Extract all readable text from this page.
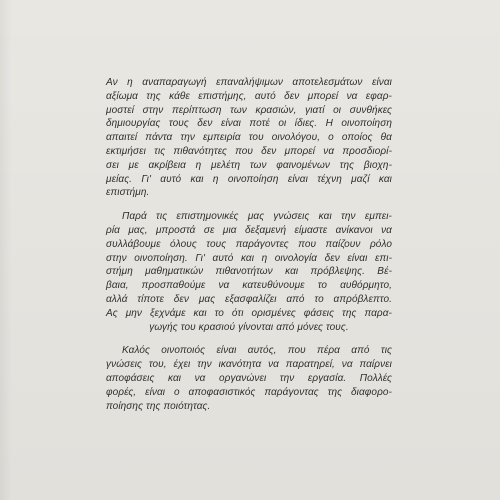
Αν η αναπαραγωγή επαναλήψιμων αποτελεσμάτων είναι
αξίωμα της κάθε επιστήμης, αυτό δεν μπορεί να εφαρ-
μοστεί στην περίπτωση των κρασιών, γιατί οι συνθήκες
δημιουργίας τους δεν είναι ποτέ οι ίδιες. Η οινοποίηση
απαιτεί πάντα την εμπειρία του οινολόγου, ο οποίος θα
εκτιμήσει τις πιθανότητες που δεν μπορεί να προσδιορί-
σει με ακρίβεια η μελέτη των φαινομένων της βιοχη-
μείας. Γι' αυτό και η οινοποίηση είναι τέχνη μαζί και
επιστήμη.
Παρά τις επιστημονικές μας γνώσεις και την εμπει-
ρία μας, μπροστά σε μια δεξαμενή είμαστε ανίκανοι να
συλλάβουμε όλους τους παράγοντες που παίζουν ρόλο
στην οινοποίηση. Γι' αυτό και η οινολογία δεν είναι επι-
στήμη μαθηματικών πιθανοτήτων και πρόβλεψης. Βέ-
βαια, προσπαθούμε να κατευθύνουμε το αυθόρμητο,
αλλά τίποτε δεν μας εξασφαλίζει από το απρόβλεπτο.
Ας μην ξεχνάμε και το ότι ορισμένες φάσεις της παρα-
γωγής του κρασιού γίνονται από μόνες τους.
Καλός οινοποιός είναι αυτός, που πέρα από τις
γνώσεις του, έχει την ικανότητα να παρατηρεί, να παίρνει
αποφάσεις και να οργανώνει την εργασία. Πολλές
φορές, είναι ο αποφασιστικός παράγοντας της διαφορο-
ποίησης της ποιότητας.
